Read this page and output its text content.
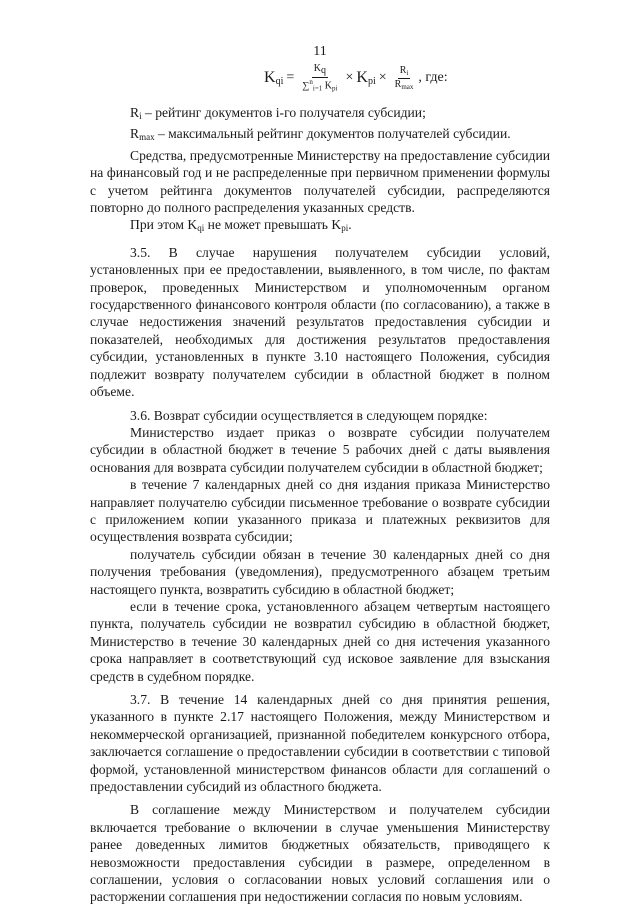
11
$K_{qi} = \frac{K_q}{\sum^n_{i=1} K_{pi}} \times K_{pi} \times \frac{R_i}{R_{max}}$ , где:

$R_i$ – рейтинг документов i-го получателя субсидии;

$R_{max}$ – максимальный рейтинг документов получателей субсидии.

Средства, предусмотренные Министерству на предоставление субсидии на финансовый год и не распределенные при первичном применении формулы с учетом рейтинга документов получателей субсидии, распределяются повторно до полного распределения указанных средств.

При этом $K_{qi}$ не может превышать $K_{pi}$.

3.5. В случае нарушения получателем субсидии условий, установленных при ее предоставлении, выявленного, в том числе, по фактам проверок, проведенных Министерством и уполномоченным органом государственного финансового контроля области (по согласованию), а также в случае недостижения значений результатов предоставления субсидии и показателей, необходимых для достижения результатов предоставления субсидии, установленных в пункте 3.10 настоящего Положения, субсидия подлежит возврату получателем субсидии в областной бюджет в полном объеме.

3.6. Возврат субсидии осуществляется в следующем порядке:

Министерство издает приказ о возврате субсидии получателем субсидии в областной бюджет в течение 5 рабочих дней с даты выявления основания для возврата субсидии получателем субсидии в областной бюджет;

в течение 7 календарных дней со дня издания приказа Министерство направляет получателю субсидии письменное требование о возврате субсидии с приложением копии указанного приказа и платежных реквизитов для осуществления возврата субсидии;

получатель субсидии обязан в течение 30 календарных дней со дня получения требования (уведомления), предусмотренного абзацем третьим настоящего пункта, возвратить субсидию в областной бюджет;

если в течение срока, установленного абзацем четвертым настоящего пункта, получатель субсидии не возвратил субсидию в областной бюджет, Министерство в течение 30 календарных дней со дня истечения указанного срока направляет в соответствующий суд исковое заявление для взыскания средств в судебном порядке.

3.7. В течение 14 календарных дней со дня принятия решения, указанного в пункте 2.17 настоящего Положения, между Министерством и некоммерческой организацией, признанной победителем конкурсного отбора, заключается соглашение о предоставлении субсидии в соответствии с типовой формой, установленной министерством финансов области для соглашений о предоставлении субсидий из областного бюджета.

В соглашение между Министерством и получателем субсидии включается требование о включении в случае уменьшения Министерству ранее доведенных лимитов бюджетных обязательств, приводящего к невозможности предоставления субсидии в размере, определенном в соглашении, условия о согласовании новых условий соглашения или о расторжении соглашения при недостижении согласия по новым условиям.
